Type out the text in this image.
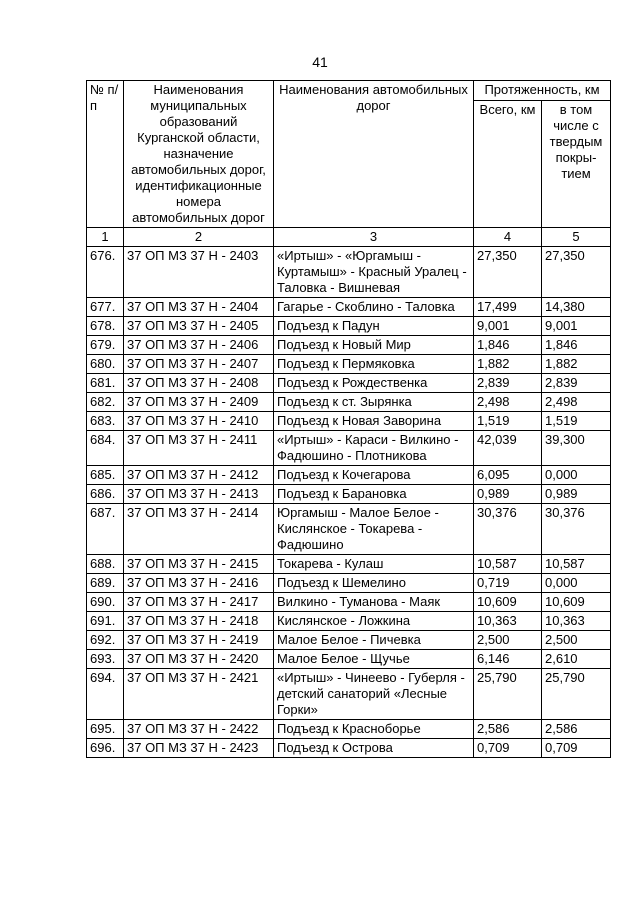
41
№ п/п	Наименования муниципальных образований Курганской области, назначение автомобильных дорог, идентификационные номера автомобильных дорог	Наименования автомобильных дорог	Протяженность, км	
			Всего, км	в том числе с твердым покры-тием
1	2	3	4	5
676.	37 ОП МЗ 37 Н - 2403	«Иртыш» - «Юргамыш - Куртамыш» - Красный Уралец - Таловка - Вишневая	27,350	27,350
677.	37 ОП МЗ 37 Н - 2404	Гагарье - Скоблино - Таловка	17,499	14,380
678.	37 ОП МЗ 37 Н - 2405	Подъезд к Падун	9,001	9,001
679.	37 ОП МЗ 37 Н - 2406	Подъезд к Новый Мир	1,846	1,846
680.	37 ОП МЗ 37 Н - 2407	Подъезд к Пермяковка	1,882	1,882
681.	37 ОП МЗ 37 Н - 2408	Подъезд к Рождественка	2,839	2,839
682.	37 ОП МЗ 37 Н - 2409	Подъезд к ст. Зырянка	2,498	2,498
683.	37 ОП МЗ 37 Н - 2410	Подъезд к Новая Заворина	1,519	1,519
684.	37 ОП МЗ 37 Н - 2411	«Иртыш» - Караси - Вилкино - Фадюшино - Плотникова	42,039	39,300
685.	37 ОП МЗ 37 Н - 2412	Подъезд к Кочегарова	6,095	0,000
686.	37 ОП МЗ 37 Н - 2413	Подъезд к Барановка	0,989	0,989
687.	37 ОП МЗ 37 Н - 2414	Юргамыш - Малое Белое - Кислянское - Токарева - Фадюшино	30,376	30,376
688.	37 ОП МЗ 37 Н - 2415	Токарева - Кулаш	10,587	10,587
689.	37 ОП МЗ 37 Н - 2416	Подъезд к Шемелино	0,719	0,000
690.	37 ОП МЗ 37 Н - 2417	Вилкино - Туманова - Маяк	10,609	10,609
691.	37 ОП МЗ 37 Н - 2418	Кислянское - Ложкина	10,363	10,363
692.	37 ОП МЗ 37 Н - 2419	Малое Белое - Пичевка	2,500	2,500
693.	37 ОП МЗ 37 Н - 2420	Малое Белое - Щучье	6,146	2,610
694.	37 ОП МЗ 37 Н - 2421	«Иртыш» - Чинеево - Губерля - детский санаторий «Лесные Горки»	25,790	25,790
695.	37 ОП МЗ 37 Н - 2422	Подъезд к Красноборье	2,586	2,586
696.	37 ОП МЗ 37 Н - 2423	Подъезд к Острова	0,709	0,709
